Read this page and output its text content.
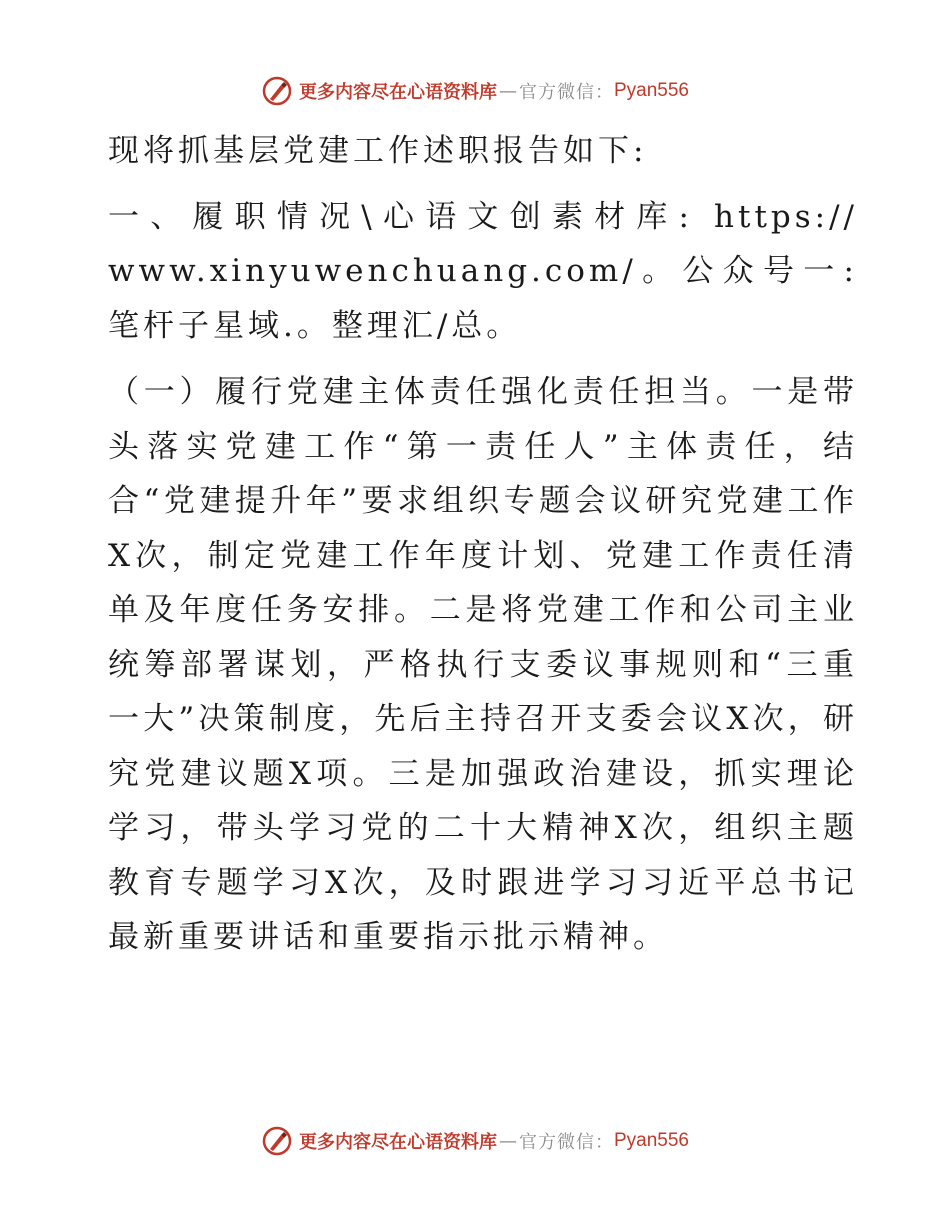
更多内容尽在心语资料库 — 官方微信： Pyan556

现将抓基层党建工作述职报告如下:

一、履职情况\心语文创素材库: https:// www.xinyuwenchuang.com/。公众号一: 笔杆子星域.。整理汇/总。

（一）履行党建主体责任强化责任担当。一是带头落实党建工作“第一责任人”主体责任，结合“党建提升年”要求组织专题会议研究党建工作X次，制定党建工作年度计划、党建工作责任清单及年度任务安排。二是将党建工作和公司主业统筹部署谋划，严格执行支委议事规则和“三重一大”决策制度，先后主持召开支委会议X次，研究党建议题X项。三是加强政治建设，抓实理论学习，带头学习党的二十大精神X次，组织主题教育专题学习X次，及时跟进学习习近平总书记最新重要讲话和重要指示批示精神。

更多内容尽在心语资料库 — 官方微信： Pyan556
